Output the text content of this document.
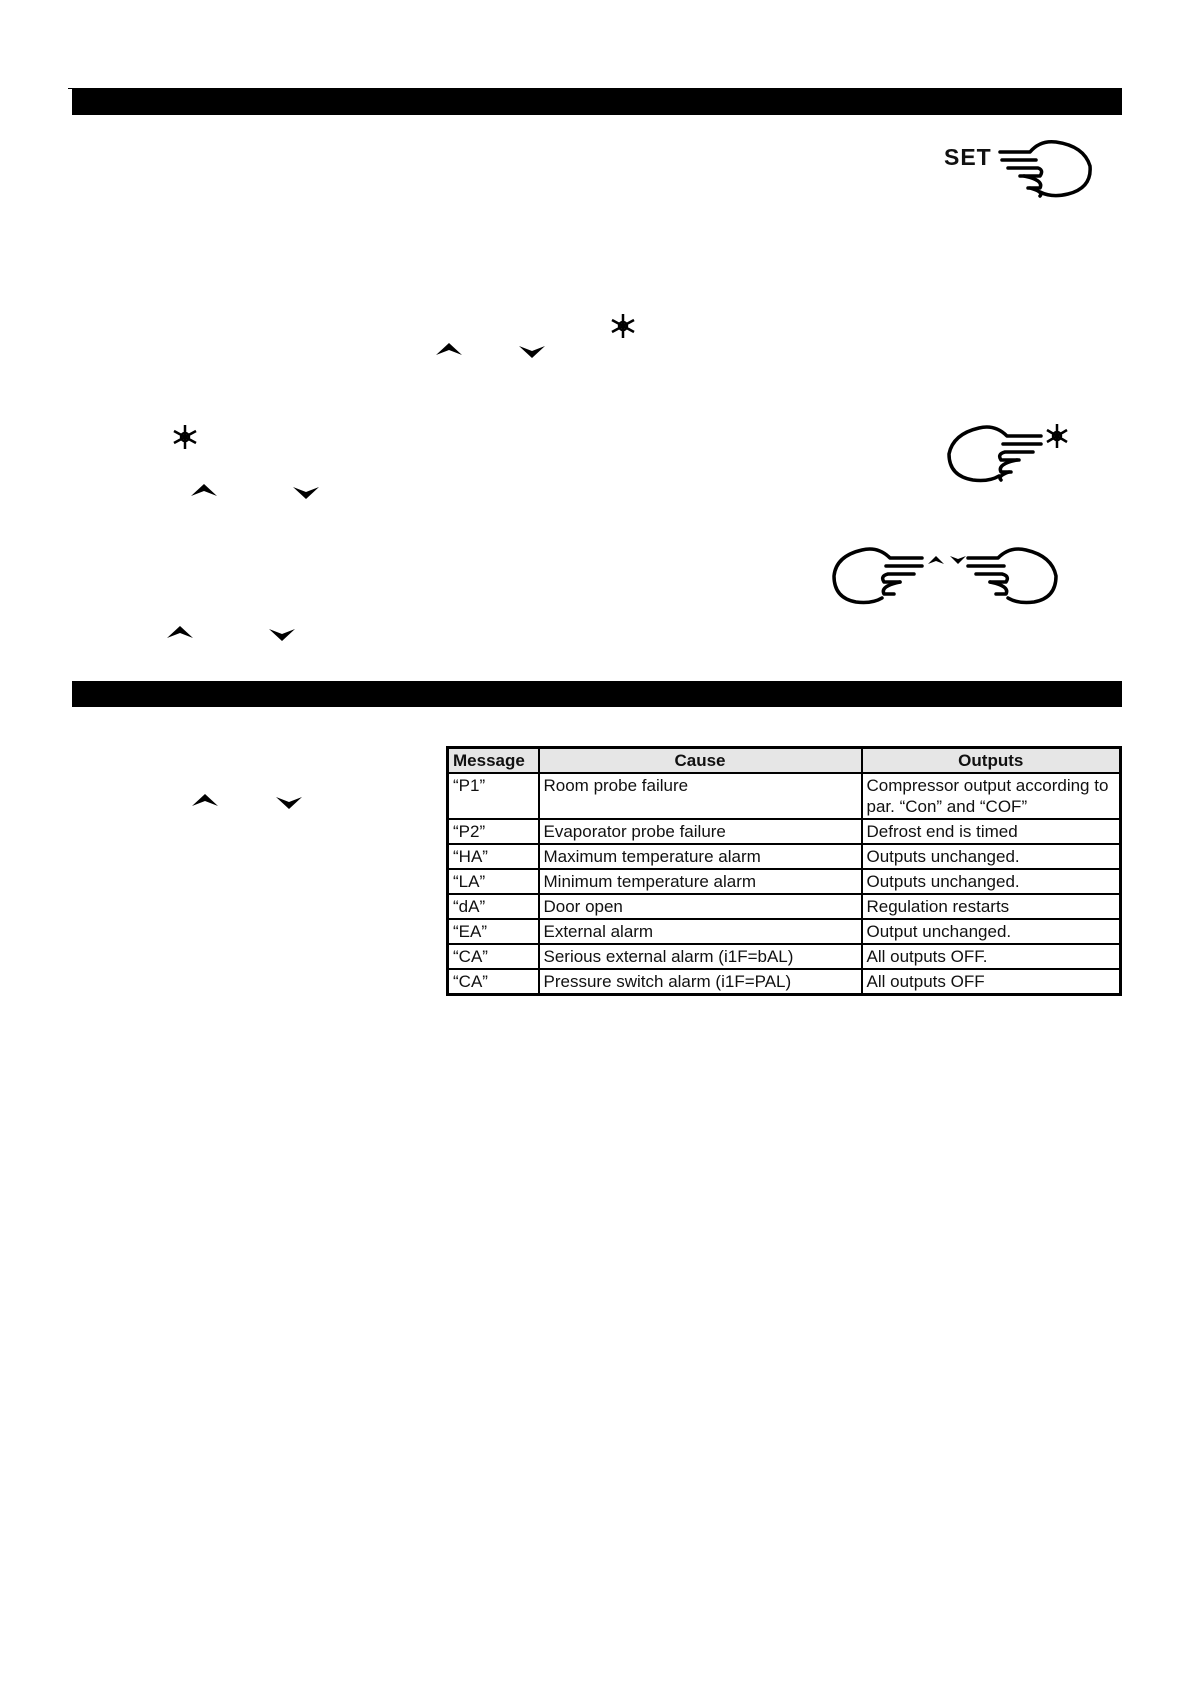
SET
Message	Cause	Outputs
“P1”	Room probe failure	Compressor output according to par. “Con” and “COF”
“P2”	Evaporator probe failure	Defrost end is timed
“HA”	Maximum temperature alarm	Outputs unchanged.
“LA”	Minimum temperature alarm	Outputs unchanged.
“dA”	Door open	Regulation restarts
“EA”	External alarm	Output unchanged.
“CA”	Serious external alarm (i1F=bAL)	All outputs OFF.
“CA”	Pressure switch alarm (i1F=PAL)	All outputs OFF
